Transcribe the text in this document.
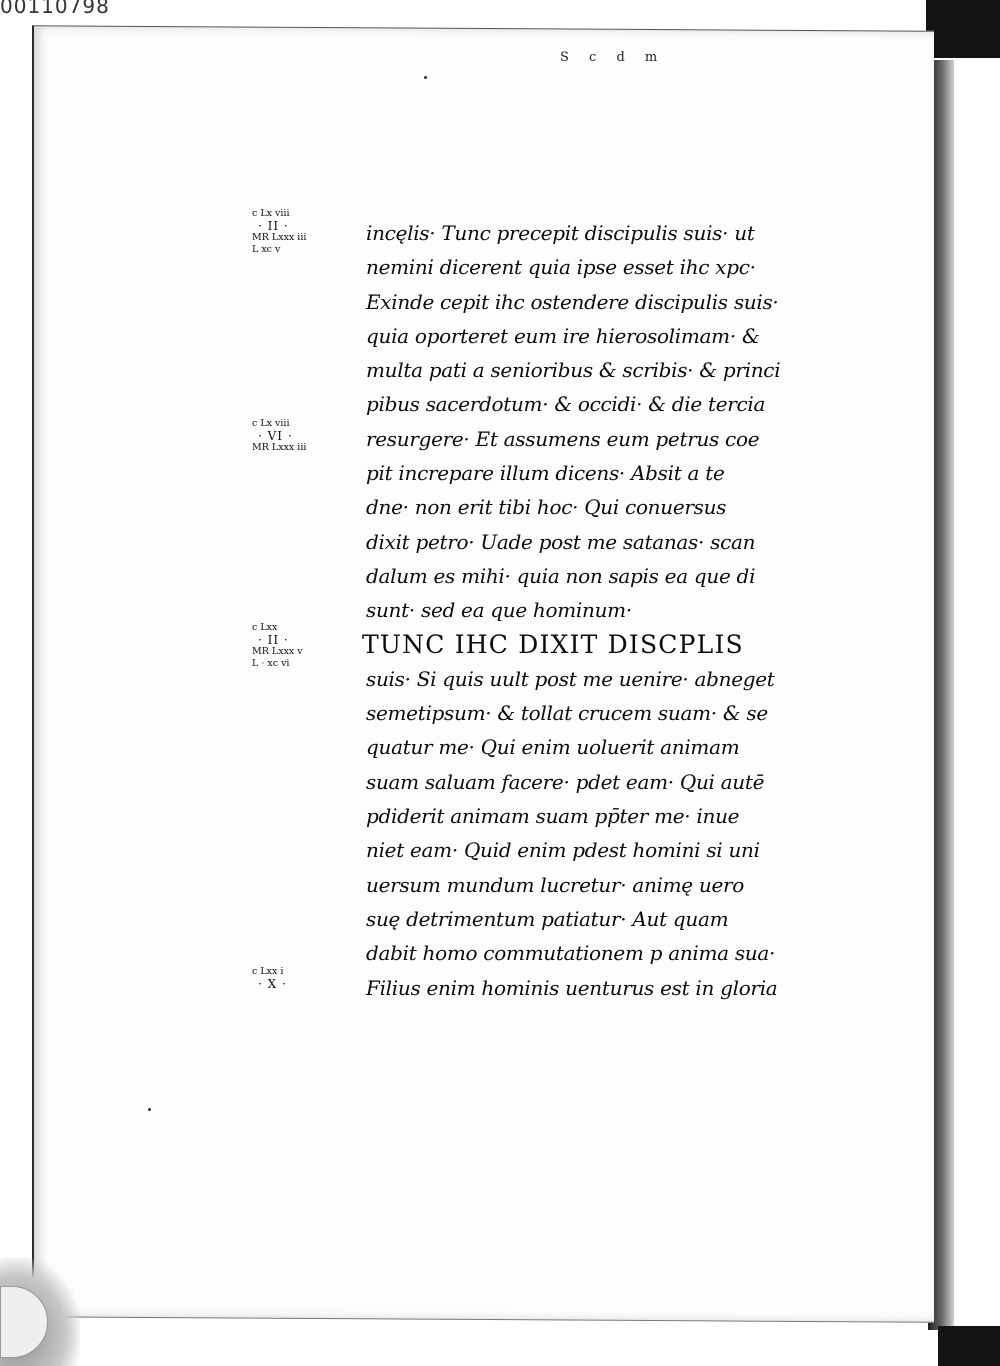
00110798
S c d m
c Lx viii

· II ·
MR Lxxx iii
L xc v
c Lx viii

· VI ·
MR Lxxx iii
c Lxx

· II ·
MR Lxxx v
L · xc vi
c Lxx i

· X ·
incęlis· Tunc precepit discipulis suis· ut
nemini dicerent quia ipse esset ihc xpc·
Exinde cepit ihc ostendere discipulis suis·
quia oporteret eum ire hierosolimam· &
multa pati a senioribus & scribis· & princi
pibus sacerdotum· & occidi· & die tercia
resurgere· Et assumens eum petrus coe
pit increpare illum dicens· Absit a te
dne· non erit tibi hoc· Qui conuersus
dixit petro· Uade post me satanas· scan
dalum es mihi· quia non sapis ea que di
sunt· sed ea que hominum·
TUNC IHC DIXIT DISCPLIS
suis· Si quis uult post me uenire· abneget
semetipsum· & tollat crucem suam· & se
quatur me· Qui enim uoluerit animam
suam saluam facere· pdet eam· Qui autē
pdiderit animam suam pp̄ter me· inue
niet eam· Quid enim pdest homini si uni
uersum mundum lucretur· animę uero
suę detrimentum patiatur· Aut quam
dabit homo commutationem p anima sua·
Filius enim hominis uenturus est in gloria
